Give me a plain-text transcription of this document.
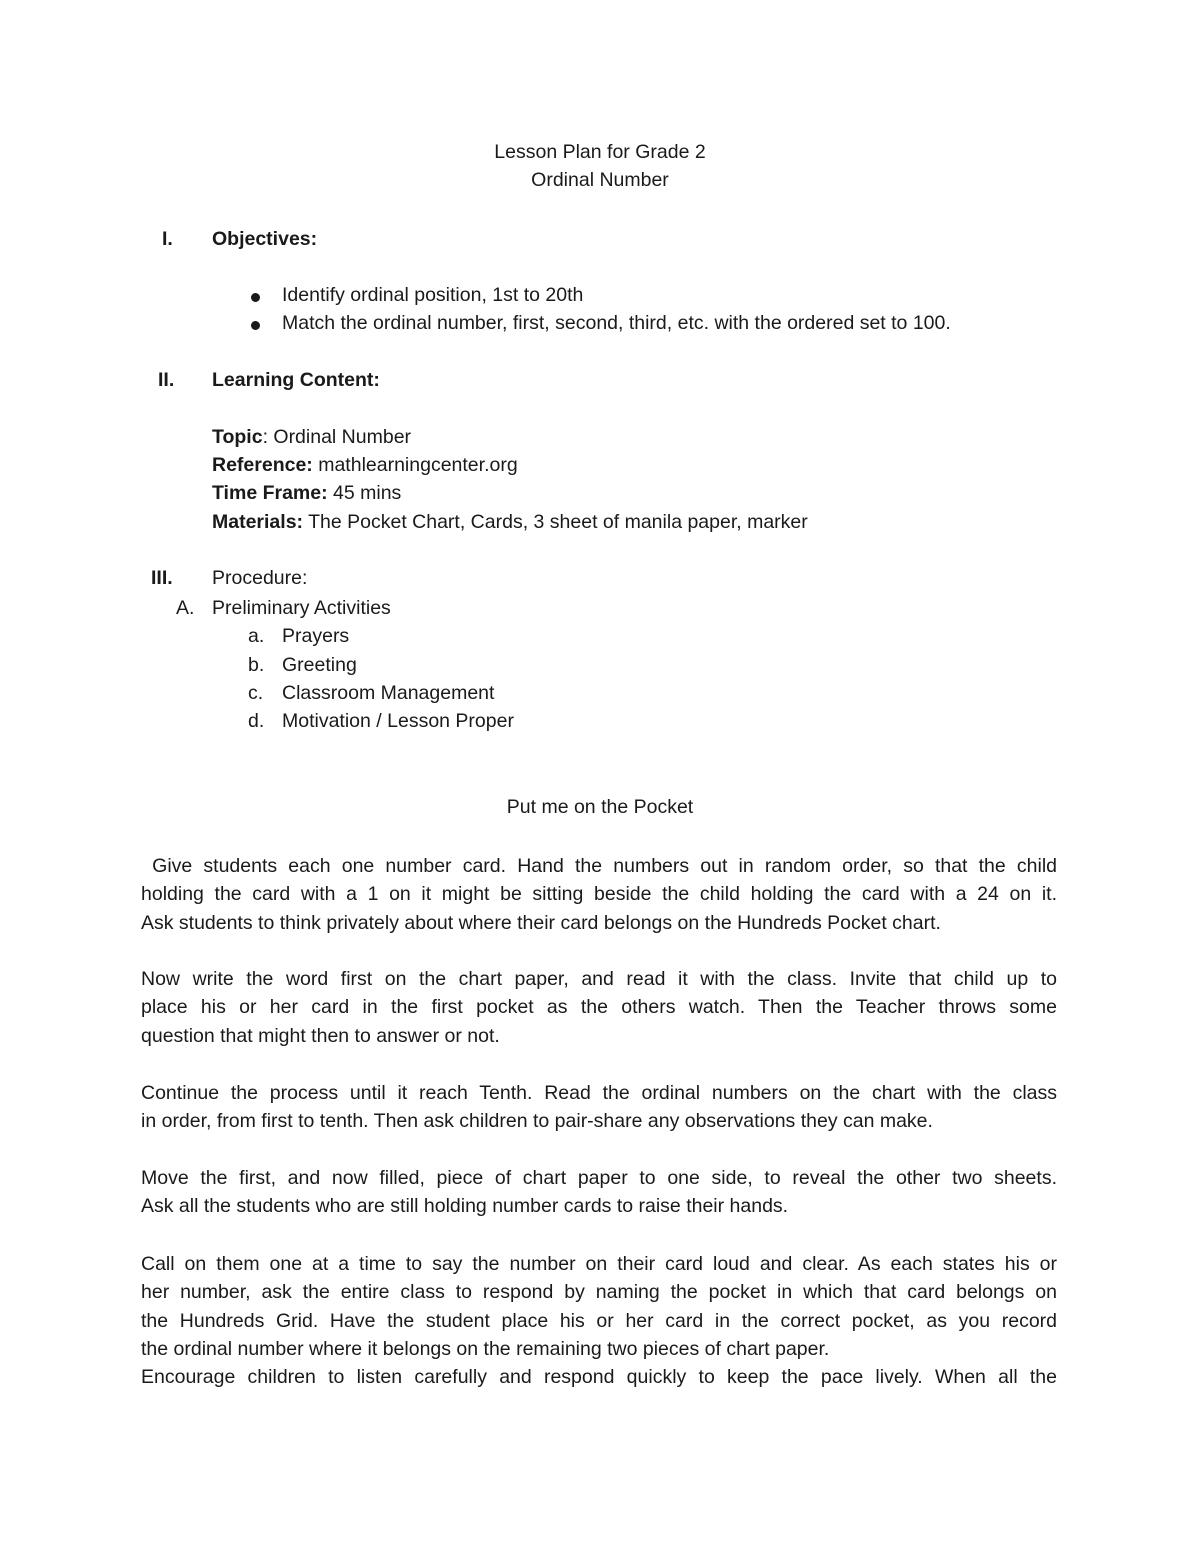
Lesson Plan for Grade 2
Ordinal Number
I. Objectives:
Identify ordinal position, 1st to 20th
Match the ordinal number, first, second, third, etc. with the ordered set to 100.
II. Learning Content:
Topic: Ordinal Number
Reference: mathlearningcenter.org
Time Frame: 45 mins
Materials: The Pocket Chart, Cards, 3 sheet of manila paper, marker
III. Procedure:
A. Preliminary Activities
a. Prayers
b. Greeting
c. Classroom Management
d. Motivation / Lesson Proper
Put me on the Pocket
Give students each one number card. Hand the numbers out in random order, so that the child
holding the card with a 1 on it might be sitting beside the child holding the card with a 24 on it.
Ask students to think privately about where their card belongs on the Hundreds Pocket chart.
Now write the word first on the chart paper, and read it with the class. Invite that child up to
place his or her card in the first pocket as the others watch. Then the Teacher throws some
question that might then to answer or not.
Continue the process until it reach Tenth. Read the ordinal numbers on the chart with the class
in order, from first to tenth. Then ask children to pair-share any observations they can make.
Move the first, and now filled, piece of chart paper to one side, to reveal the other two sheets.
Ask all the students who are still holding number cards to raise their hands.
Call on them one at a time to say the number on their card loud and clear. As each states his or
her number, ask the entire class to respond by naming the pocket in which that card belongs on
the Hundreds Grid. Have the student place his or her card in the correct pocket, as you record
the ordinal number where it belongs on the remaining two pieces of chart paper.
Encourage children to listen carefully and respond quickly to keep the pace lively. When all the
